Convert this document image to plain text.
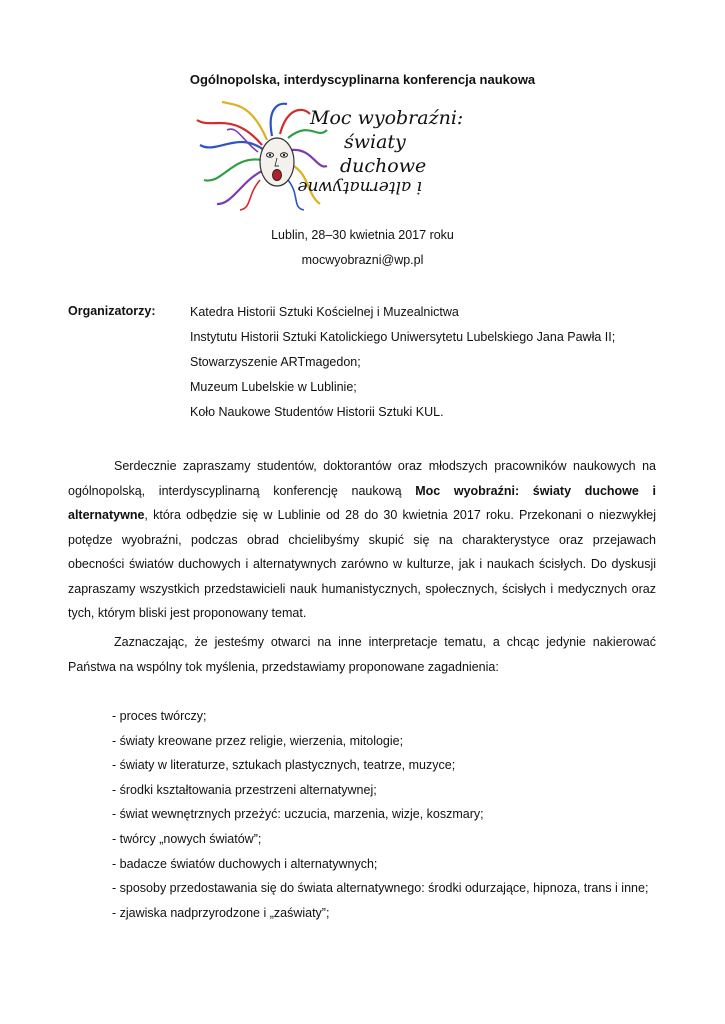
Ogólnopolska, interdyscyplinarna konferencja naukowa
Moc wyobraźni:
światy
duchowe
i alternatywne
Lublin, 28–30 kwietnia 2017 roku
mocwyobrazni@wp.pl
Organizatorzy:	Katedra Historii Sztuki Kościelnej i Muzealnictwa
Instytutu Historii Sztuki Katolickiego Uniwersytetu Lubelskiego Jana Pawła II;
Stowarzyszenie ARTmagedon;
Muzeum Lubelskie w Lublinie;
Koło Naukowe Studentów Historii Sztuki KUL.

Serdecznie zapraszamy studentów, doktorantów oraz młodszych pracowników naukowych na ogólnopolską, interdyscyplinarną konferencję naukową Moc wyobraźni: światy duchowe i alternatywne, która odbędzie się w Lublinie od 28 do 30 kwietnia 2017 roku. Przekonani o niezwykłej potędze wyobraźni, podczas obrad chcielibyśmy skupić się na charakterystyce oraz przejawach obecności światów duchowych i alternatywnych zarówno w kulturze, jak i naukach ścisłych. Do dyskusji zapraszamy wszystkich przedstawicieli nauk humanistycznych, społecznych, ścisłych i medycznych oraz tych, którym bliski jest proponowany temat.

Zaznaczając, że jesteśmy otwarci na inne interpretacje tematu, a chcąc jedynie nakierować Państwa na wspólny tok myślenia, przedstawiamy proponowane zagadnienia:

- proces twórczy;
- światy kreowane przez religie, wierzenia, mitologie;
- światy w literaturze, sztukach plastycznych, teatrze, muzyce;
- środki kształtowania przestrzeni alternatywnej;
- świat wewnętrznych przeżyć: uczucia, marzenia, wizje, koszmary;
- twórcy „nowych światów”;
- badacze światów duchowych i alternatywnych;
- sposoby przedostawania się do świata alternatywnego: środki odurzające, hipnoza, trans i inne;
- zjawiska nadprzyrodzone i „zaświaty”;
